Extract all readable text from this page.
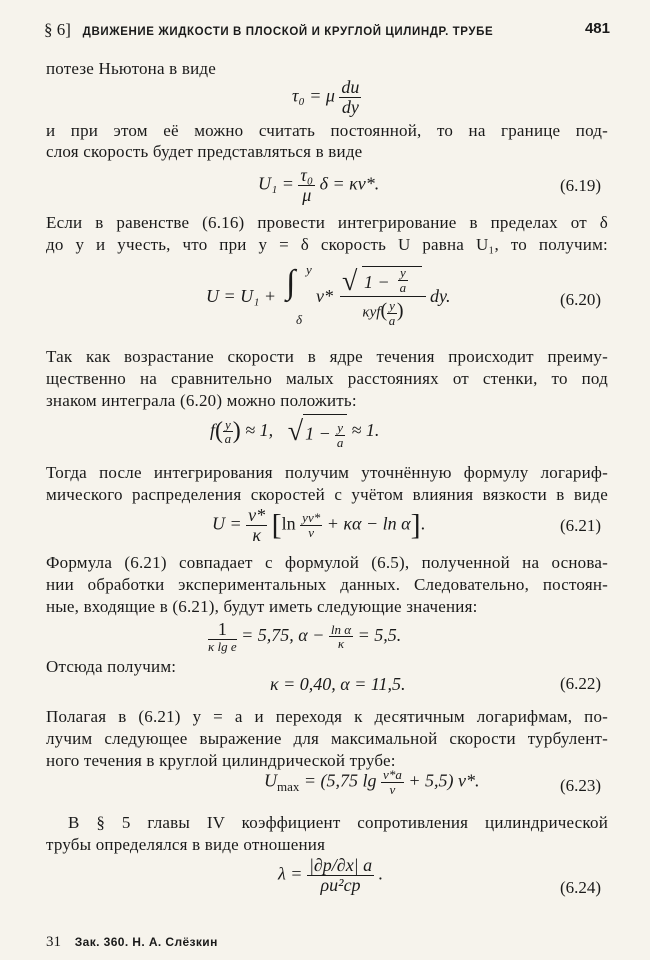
§ 6] ДВИЖЕНИЕ ЖИДКОСТИ В ПЛОСКОЙ И КРУГЛОЙ ЦИЛИНДР. ТРУБЕ	481
потезе Ньютона в виде
τ₀ = μ $\frac{du}{dy}$
и при этом её можно считать постоянной, то на границе под-
слоя скорость будет представляться в виде
$U_1 = \frac{\text{τ₀}}{\mu}$ δ = κv*.	(6.19)
Если в равенстве (6.16) провести интегрирование в пределах от δ
до y и учесть, что при y = δ скорость U равна U₁, то получим:
U = U₁ + ∫ y
δ
v* √ $1 - \frac{y}{a}$
$\kappa yf( \frac{y}{a}$ )
dy.	(6.20)
Так как возрастание скорости в ядре течения происходит преиму-
щественно на сравнительно малых расстояниях от стенки, то под
знаком интеграла (6.20) можно положить:
$f( \frac{y}{a}$ ) ≈ 1, √ $1 - \frac{y}{a} \approx 1$.
Тогда после интегрирования получим уточнённую формулу логариф-
мического распределения скоростей с учётом влияния вязкости в виде
$U = \frac{v*}{\kappa} [\ln \frac{yv*}{\nu} + \kappa\alpha - \ln \alpha]$.	(6.21)
Формула (6.21) совпадает с формулой (6.5), полученной на основа-
нии обработки экспериментальных данных. Следовательно, постоян-
ные, входящие в (6.21), будут иметь следующие значения:
$\frac{1}{\text{κ lg e}} = 5,75$, $\alpha - \frac{\text{ln α}}{\kappa} = 5,5$.
Отсюда получим:
κ = 0,40, α = 11,5.	(6.22)
Полагая в (6.21) y = a и переходя к десятичным логарифмам, по-
лучим следующее выражение для максимальной скорости турбулент-
ного течения в круглой цилиндрической трубе:
$U_{max} = (5,75$ $\lg \frac{v*a}{\nu} + 5,5$) v*.	(6.23)
В § 5 главы IV коэффициент сопротивления цилиндрической
трубы определялся в виде отношения
$\lambda = \frac{|\partial p/\partial x| a}{\text{ρu²ср}}$ .
(6.24)
31 Зак. 360. Н. А. Слёзкин
